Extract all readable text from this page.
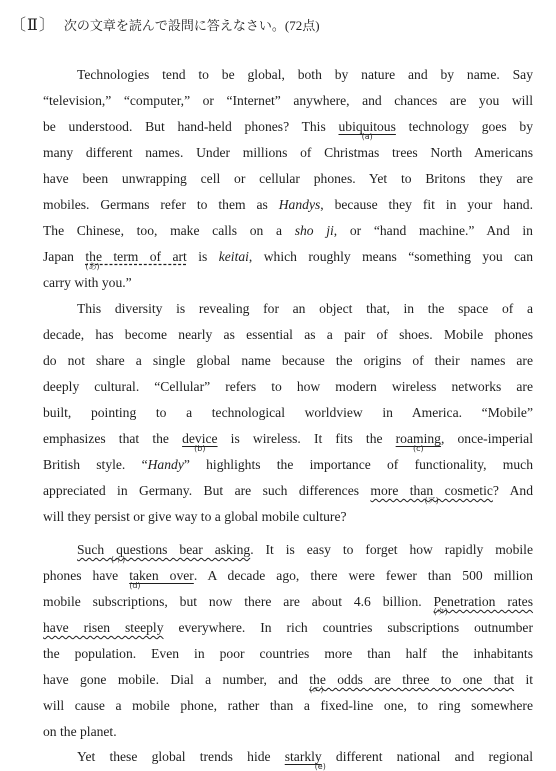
〔Ⅱ〕 次の文章を読んで設問に答えなさい。(72点)
Technologies tend to be global, both by nature and by name. Say
“television,” “computer,” or “Internet” anywhere, and chances are you will
be understood. But hand-held phones? This ubiquitous
(a)
technology goes by
many different names. Under millions of Christmas trees North Americans
have been unwrapping cell or cellular phones. Yet to Britons they are
mobiles. Germans refer to them as Handys, because they fit in your hand.
The Chinese, too, make calls on a sho ji, or “hand machine.” And in
Japan the term of art
(あ)
is keitai, which roughly means “something you can
carry with you.”
This diversity is revealing for an object that, in the space of a
decade, has become nearly as essential as a pair of shoes. Mobile phones
do not share a single global name because the origins of their names are
deeply cultural. “Cellular” refers to how modern wireless networks are
built, pointing to a technological worldview in America. “Mobile”
emphasizes that the device
(b)
is wireless. It fits the roaming
(c)
, once-imperial
British style. “Handy” highlights the importance of functionality, much
appreciated in Germany. But are such differences more than cosmetic
(ア)
? And
will they persist or give way to a global mobile culture?
Such questions bear asking
(イ)
. It is easy to forget how rapidly mobile
phones have taken over
(d)
. A decade ago, there were fewer than 500 million
mobile subscriptions, but now there are about 4.6 billion. Penetration rates
(ウ)
have risen steeply everywhere. In rich countries subscriptions outnumber
the population. Even in poor countries more than half the inhabitants
have gone mobile. Dial a number, and the odds are three to one that
(エ)
it
will cause a mobile phone, rather than a fixed-line one, to ring somewhere
on the planet.
Yet these global trends hide starkly
(e)
different national and regional
